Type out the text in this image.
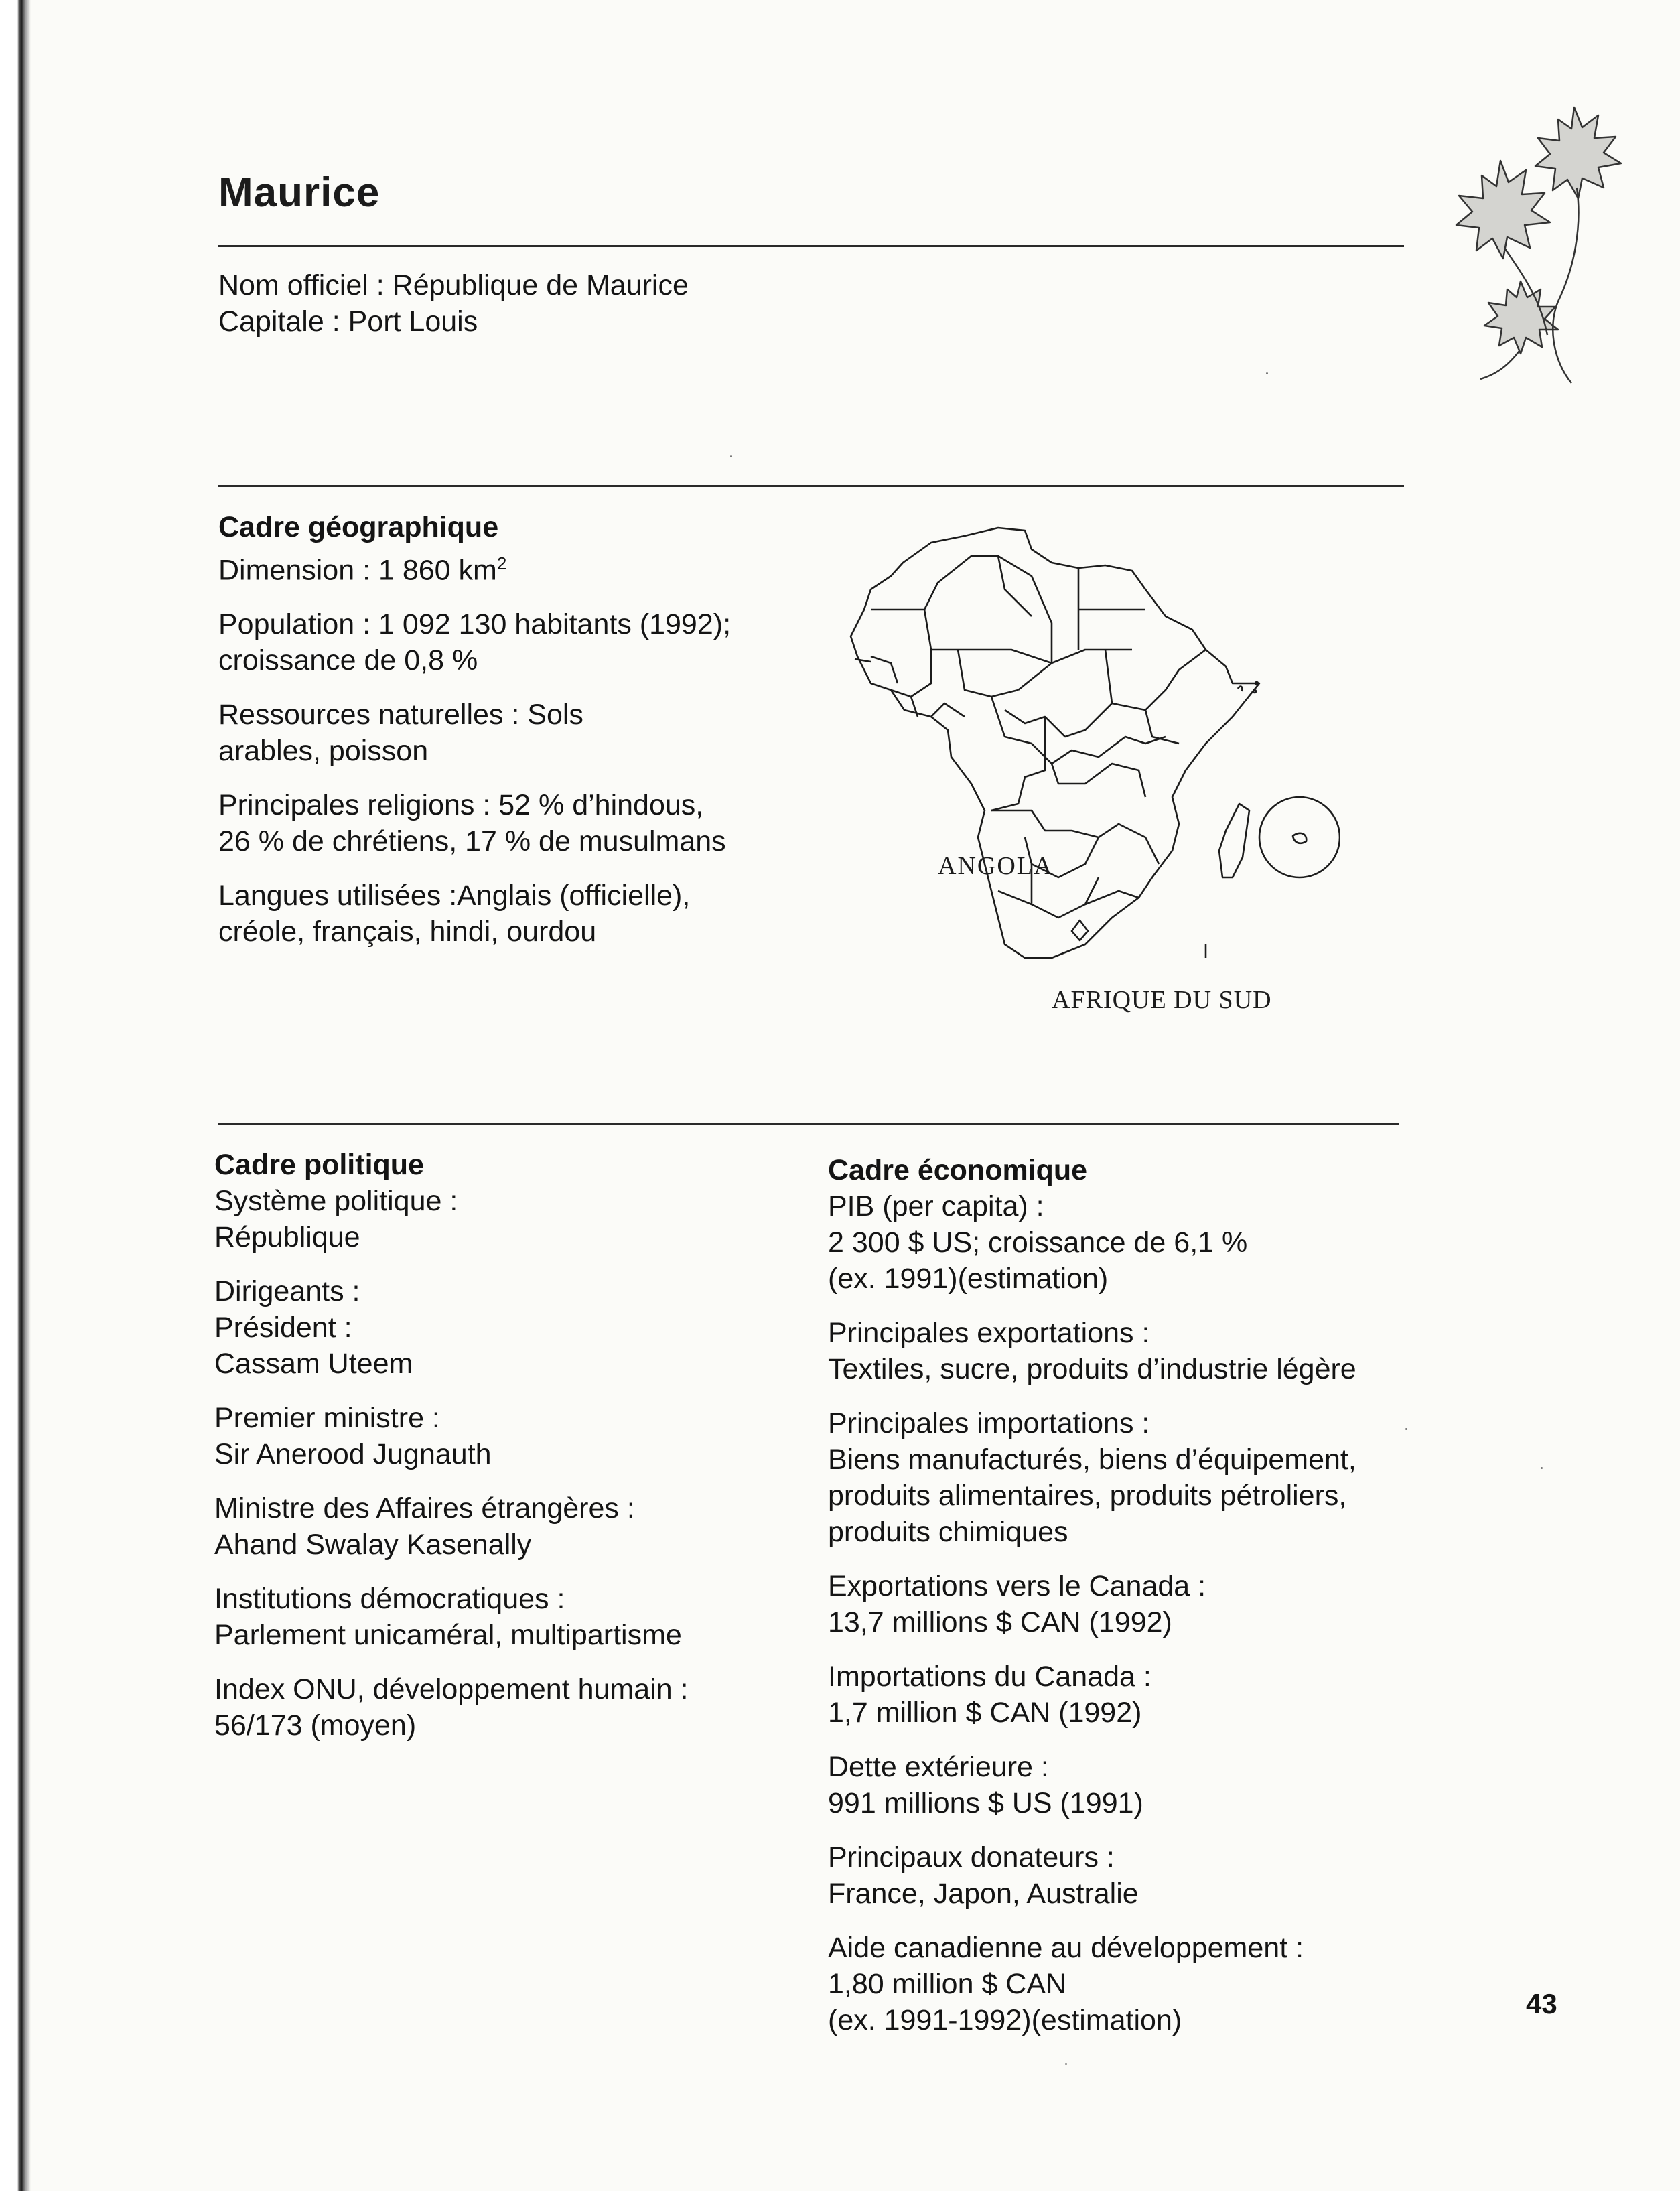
Maurice
Nom officiel : République de Maurice
Capitale : Port Louis
Cadre géographique
Dimension : 1 860 $km^2$
Population : 1 092 130 habitants (1992);
croissance de 0,8 %
Ressources naturelles : Sols
arables, poisson
Principales religions : 52 % d’hindous,
26 % de chrétiens, 17 % de musulmans
Langues utilisées :Anglais (officielle),
créole, français, hindi, ourdou
ANGOLA
AFRIQUE DU SUD
Cadre politique
Système politique :
République
Dirigeants :
Président :
Cassam Uteem
Premier ministre :
Sir Anerood Jugnauth
Ministre des Affaires étrangères :
Ahand Swalay Kasenally
Institutions démocratiques :
Parlement unicaméral, multipartisme
Index ONU, développement humain :
56/173 (moyen)
Cadre économique
PIB (per capita) :
2 300 $ US; croissance de 6,1 %
(ex. 1991)(estimation)
Principales exportations :
Textiles, sucre, produits d’industrie légère
Principales importations :
Biens manufacturés, biens d’équipement,
produits alimentaires, produits pétroliers,
produits chimiques
Exportations vers le Canada :
13,7 millions $ CAN (1992)
Importations du Canada :
1,7 million $ CAN (1992)
Dette extérieure :
991 millions $ US (1991)
Principaux donateurs :
France, Japon, Australie
Aide canadienne au développement :
1,80 million $ CAN
(ex. 1991-1992)(estimation)
43
